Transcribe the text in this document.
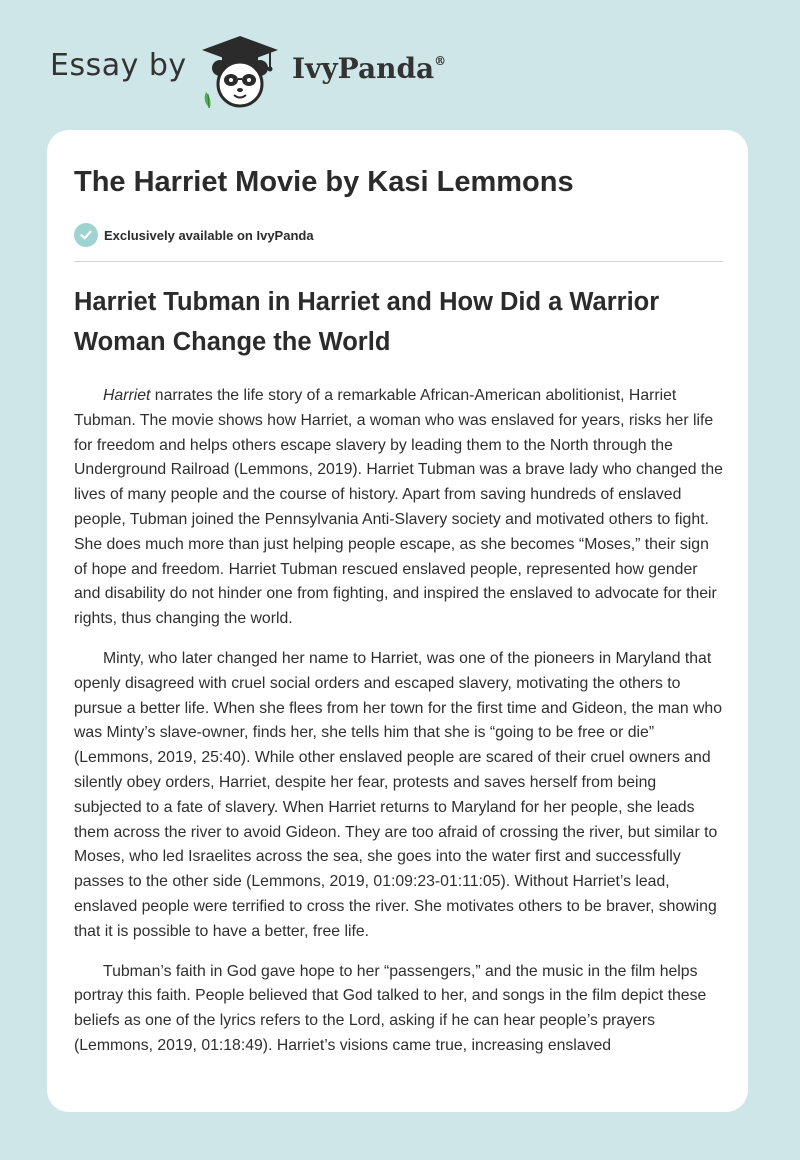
Essay by	IvyPanda®
The Harriet Movie by Kasi Lemmons
Exclusively available on IvyPanda
Harriet Tubman in Harriet and How Did a Warrior Woman Change the World

Harriet narrates the life story of a remarkable African-American abolitionist, Harriet Tubman. The movie shows how Harriet, a woman who was enslaved for years, risks her life for freedom and helps others escape slavery by leading them to the North through the Underground Railroad (Lemmons, 2019). Harriet Tubman was a brave lady who changed the lives of many people and the course of history. Apart from saving hundreds of enslaved people, Tubman joined the Pennsylvania Anti-Slavery society and motivated others to fight. She does much more than just helping people escape, as she becomes “Moses,” their sign of hope and freedom. Harriet Tubman rescued enslaved people, represented how gender and disability do not hinder one from fighting, and inspired the enslaved to advocate for their rights, thus changing the world.

Minty, who later changed her name to Harriet, was one of the pioneers in Maryland that openly disagreed with cruel social orders and escaped slavery, motivating the others to pursue a better life. When she flees from her town for the first time and Gideon, the man who was Minty’s slave-owner, finds her, she tells him that she is “going to be free or die” (Lemmons, 2019, 25:40). While other enslaved people are scared of their cruel owners and silently obey orders, Harriet, despite her fear, protests and saves herself from being subjected to a fate of slavery. When Harriet returns to Maryland for her people, she leads them across the river to avoid Gideon. They are too afraid of crossing the river, but similar to Moses, who led Israelites across the sea, she goes into the water first and successfully passes to the other side (Lemmons, 2019, 01:09:23-01:11:05). Without Harriet’s lead, enslaved people were terrified to cross the river. She motivates others to be braver, showing that it is possible to have a better, free life.

Tubman’s faith in God gave hope to her “passengers,” and the music in the film helps portray this faith. People believed that God talked to her, and songs in the film depict these beliefs as one of the lyrics refers to the Lord, asking if he can hear people’s prayers (Lemmons, 2019, 01:18:49). Harriet’s visions came true, increasing enslaved
